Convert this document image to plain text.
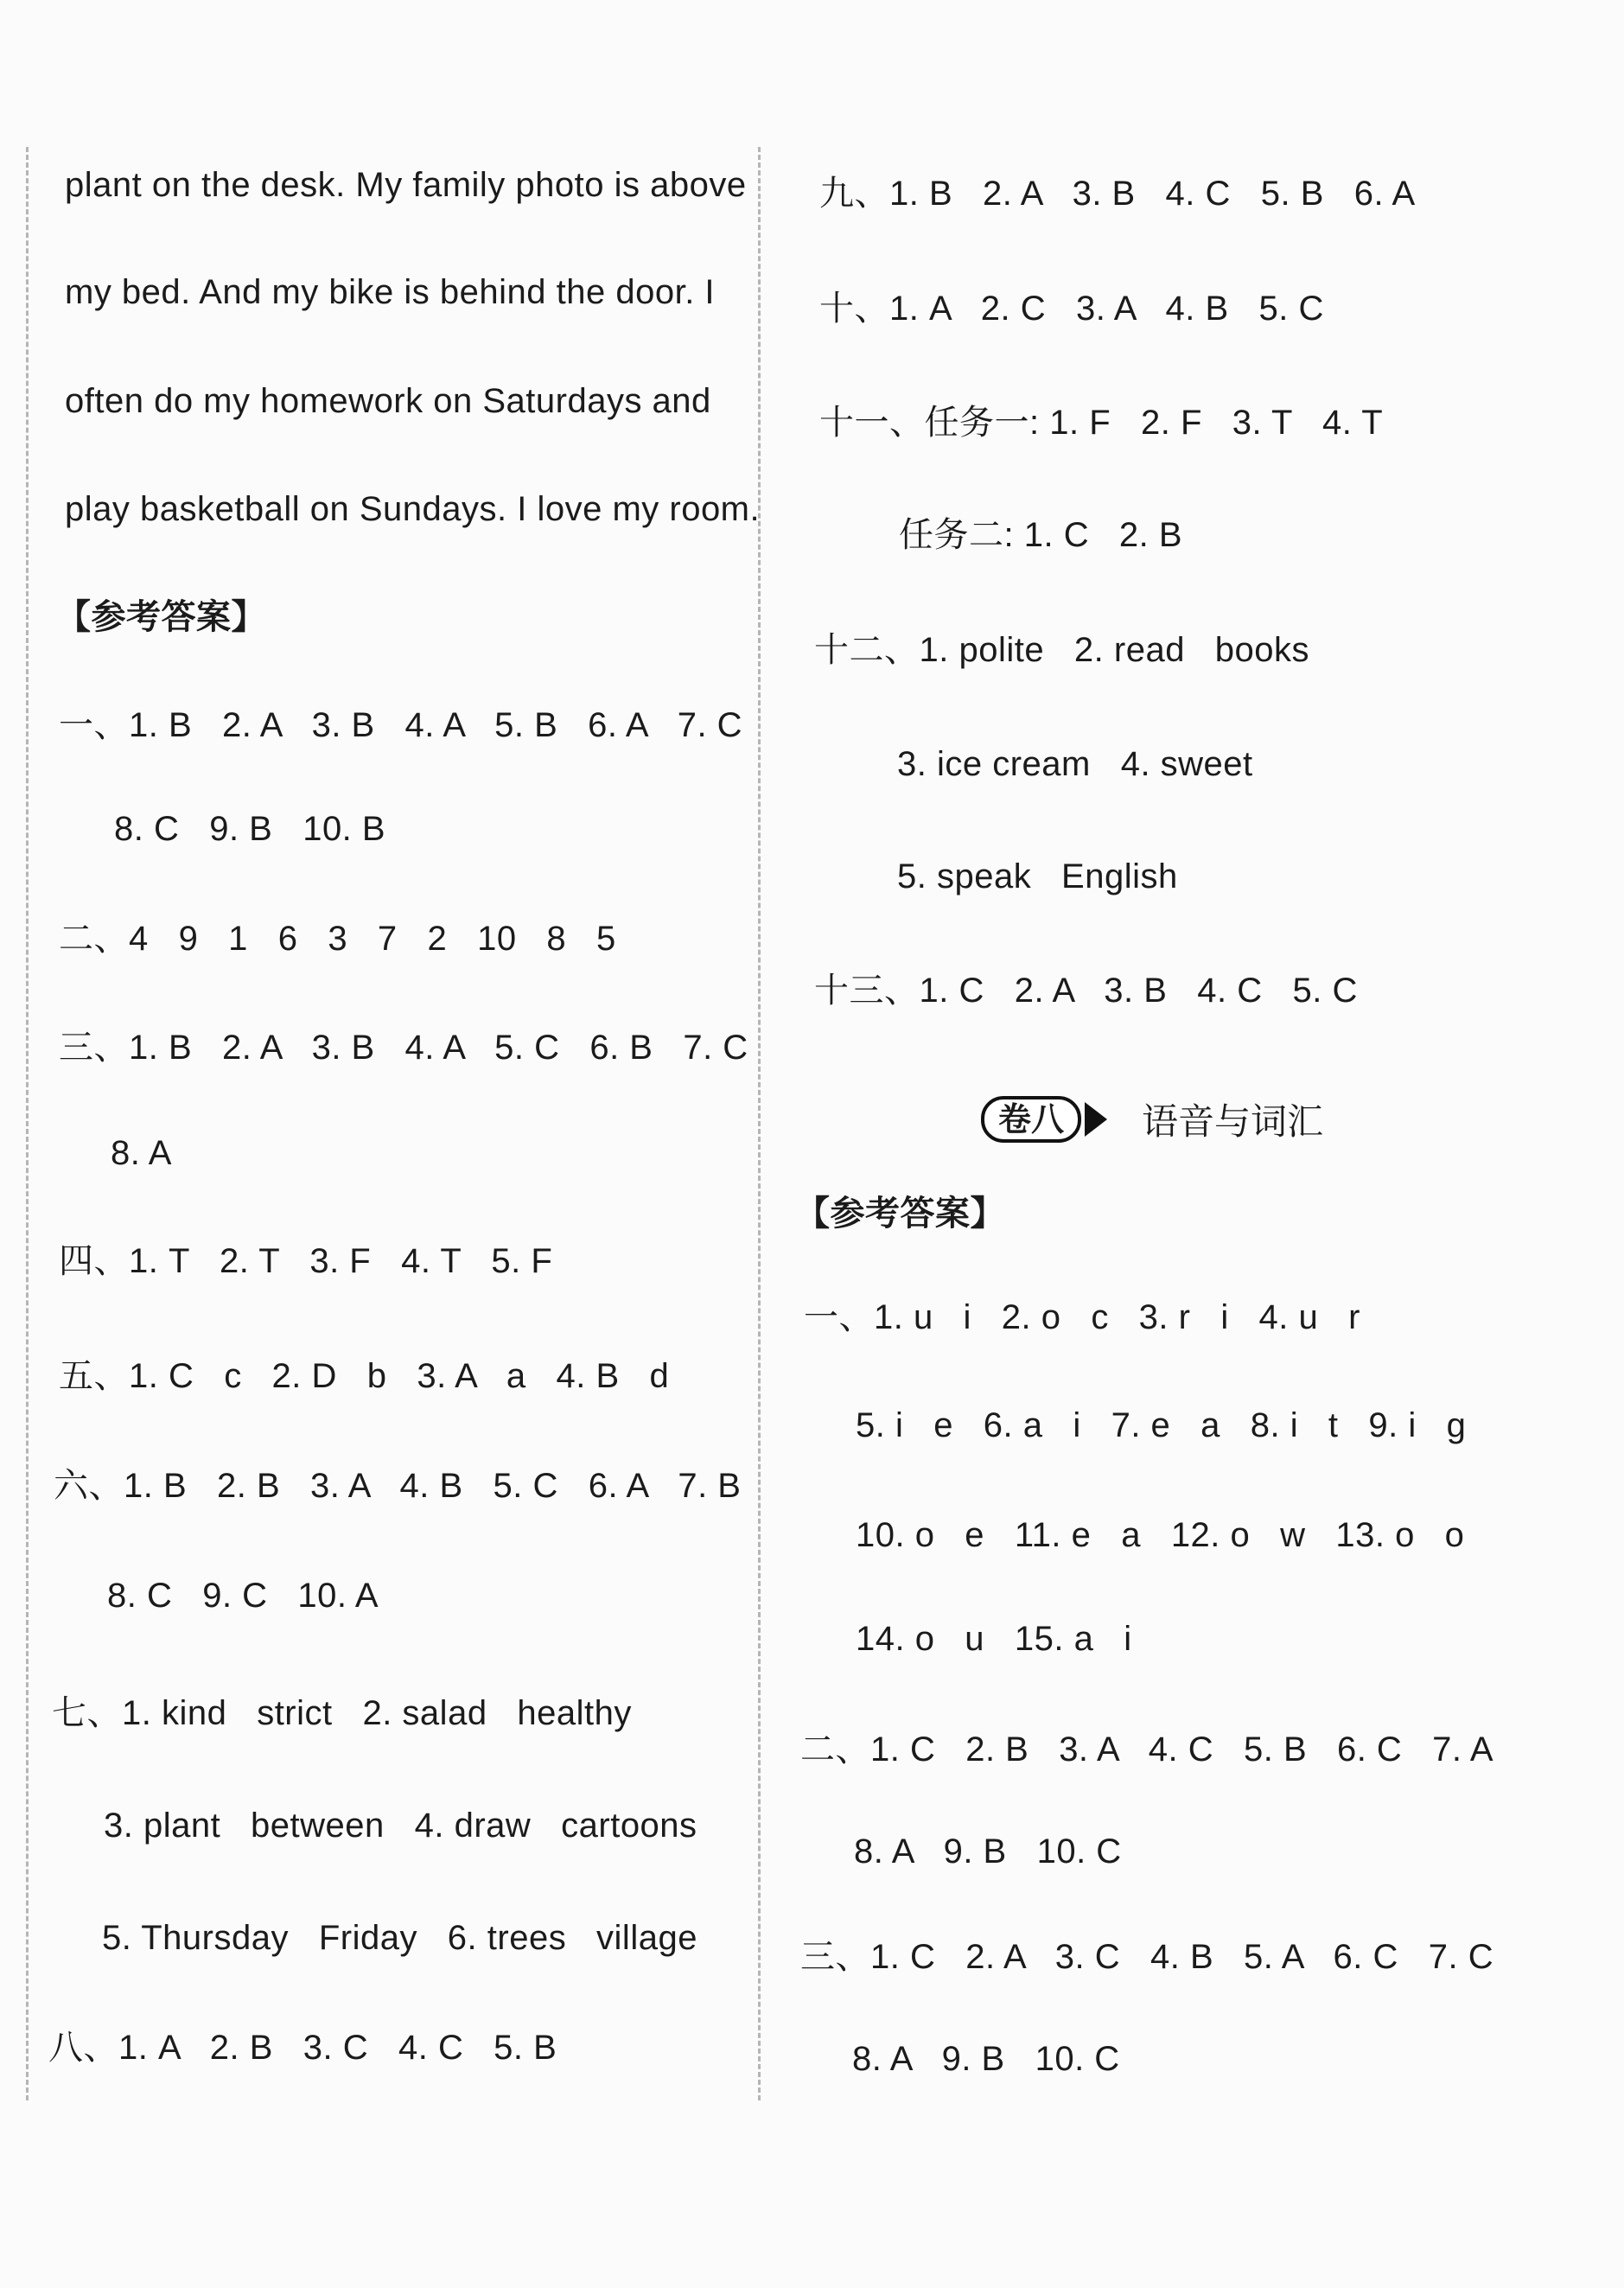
plant on the desk. My family photo is above
my bed. And my bike is behind the door. I
often do my homework on Saturdays and
play basketball on Sundays. I love my room.
【参考答案】
一、1. B   2. A   3. B   4. A   5. B   6. A   7. C
8. C   9. B   10. B
二、4   9   1   6   3   7   2   10   8   5
三、1. B   2. A   3. B   4. A   5. C   6. B   7. C
8. A
四、1. T   2. T   3. F   4. T   5. F
五、1. C   c   2. D   b   3. A   a   4. B   d
六、1. B   2. B   3. A   4. B   5. C   6. A   7. B
8. C   9. C   10. A
七、1. kind   strict   2. salad   healthy
3. plant   between   4. draw   cartoons
5. Thursday   Friday   6. trees   village
八、1. A   2. B   3. C   4. C   5. B
九、1. B   2. A   3. B   4. C   5. B   6. A
十、1. A   2. C   3. A   4. B   5. C
十一、任务一: 1. F   2. F   3. T   4. T
任务二: 1. C   2. B
十二、1. polite   2. read   books
3. ice cream   4. sweet
5. speak   English
十三、1. C   2. A   3. B   4. C   5. C
卷八	语音与词汇
【参考答案】
一、1. u   i   2. o   c   3. r   i   4. u   r
5. i   e   6. a   i   7. e   a   8. i   t   9. i   g
10. o   e   11. e   a   12. o   w   13. o   o
14. o   u   15. a   i
二、1. C   2. B   3. A   4. C   5. B   6. C   7. A
8. A   9. B   10. C
三、1. C   2. A   3. C   4. B   5. A   6. C   7. C
8. A   9. B   10. C
